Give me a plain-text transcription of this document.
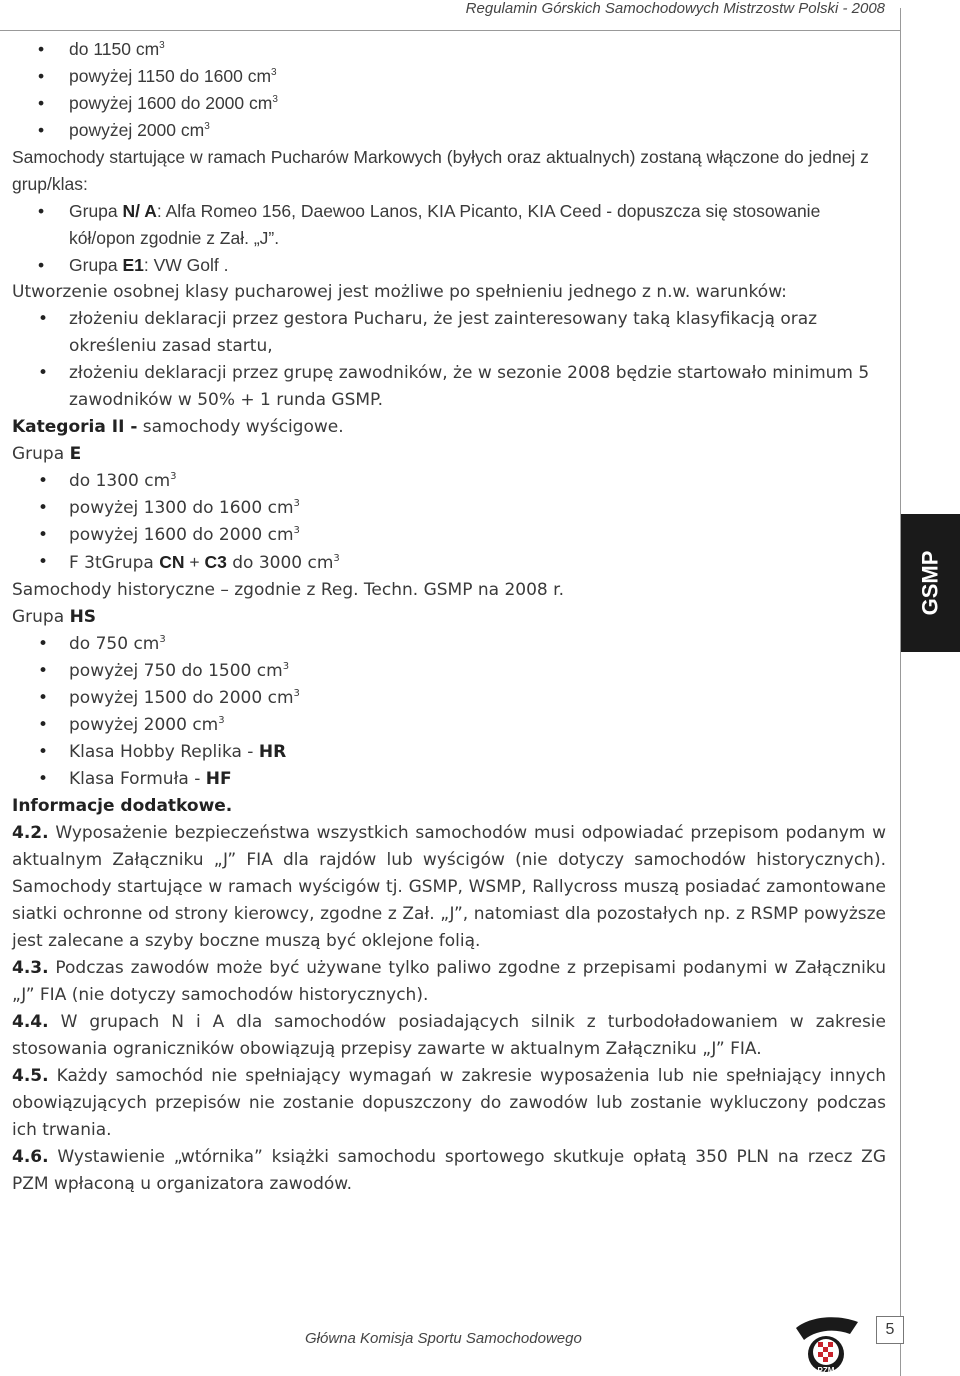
Regulamin Górskich Samochodowych Mistrzostw Polski - 2008
GSMP
• do 1150 $cm^3$
• powyżej 1150 do 1600 $cm^3$
• powyżej 1600 do 2000 $cm^3$
• powyżej 2000 $cm^3$

Samochody startujące w ramach Pucharów Markowych (byłych oraz aktualnych) zostaną włączone do jednej z grup/klas:

• Grupa N/ A: Alfa Romeo 156, Daewoo Lanos, KIA Picanto, KIA Ceed - dopuszcza się stosowanie kół/opon zgodnie z Zał. „J”.
• Grupa E1: VW Golf .

Utworzenie osobnej klasy pucharowej jest możliwe po spełnieniu jednego z n.w. warunków:

• złożeniu deklaracji przez gestora Pucharu, że jest zainteresowany taką klasyfikacją oraz określeniu zasad startu,
• złożeniu deklaracji przez grupę zawodników, że w sezonie 2008 będzie startowało minimum 5 zawodników w 50% + 1 runda GSMP.

Kategoria II - samochody wyścigowe.

Grupa E

• do 1300 $cm^3$
• powyżej 1300 do 1600 $cm^3$
• powyżej 1600 do 2000 $cm^3$
• F 3tGrupa CN + C3 do 3000 $cm^3$

Samochody historyczne – zgodnie z Reg. Techn. GSMP na 2008 r.

Grupa HS

• do 750 $cm^3$
• powyżej 750 do 1500 $cm^3$
• powyżej 1500 do 2000 $cm^3$
• powyżej 2000 $cm^3$
• Klasa Hobby Replika - HR
• Klasa Formuła - HF

Informacje dodatkowe.

4.2. Wyposażenie bezpieczeństwa wszystkich samochodów musi odpowiadać przepisom podanym w aktualnym Załączniku „J” FIA dla rajdów lub wyścigów (nie dotyczy samochodów historycznych). Samochody startujące w ramach wyścigów tj. GSMP, WSMP, Rallycross muszą posiadać zamontowane siatki ochronne od strony kierowcy, zgodne z Zał. „J”, natomiast dla pozostałych np. z RSMP powyższe jest zalecane a szyby boczne muszą być oklejone folią.

4.3. Podczas zawodów może być używane tylko paliwo zgodne z przepisami podanymi w Załączniku „J” FIA (nie dotyczy samochodów historycznych).

4.4. W grupach N i A dla samochodów posiadających silnik z turbodoładowaniem w zakresie stosowania ograniczników obowiązują przepisy zawarte w aktualnym Załączniku „J” FIA.

4.5. Każdy samochód nie spełniający wymagań w zakresie wyposażenia lub nie spełniający innych obowiązujących przepisów nie zostanie dopuszczony do zawodów lub zostanie wykluczony podczas ich trwania.

4.6. Wystawienie „wtórnika” książki samochodu sportowego skutkuje opłatą 350 PLN na rzecz ZG PZM wpłaconą u organizatora zawodów.

Główna Komisja Sportu Samochodowego
PZM
5
